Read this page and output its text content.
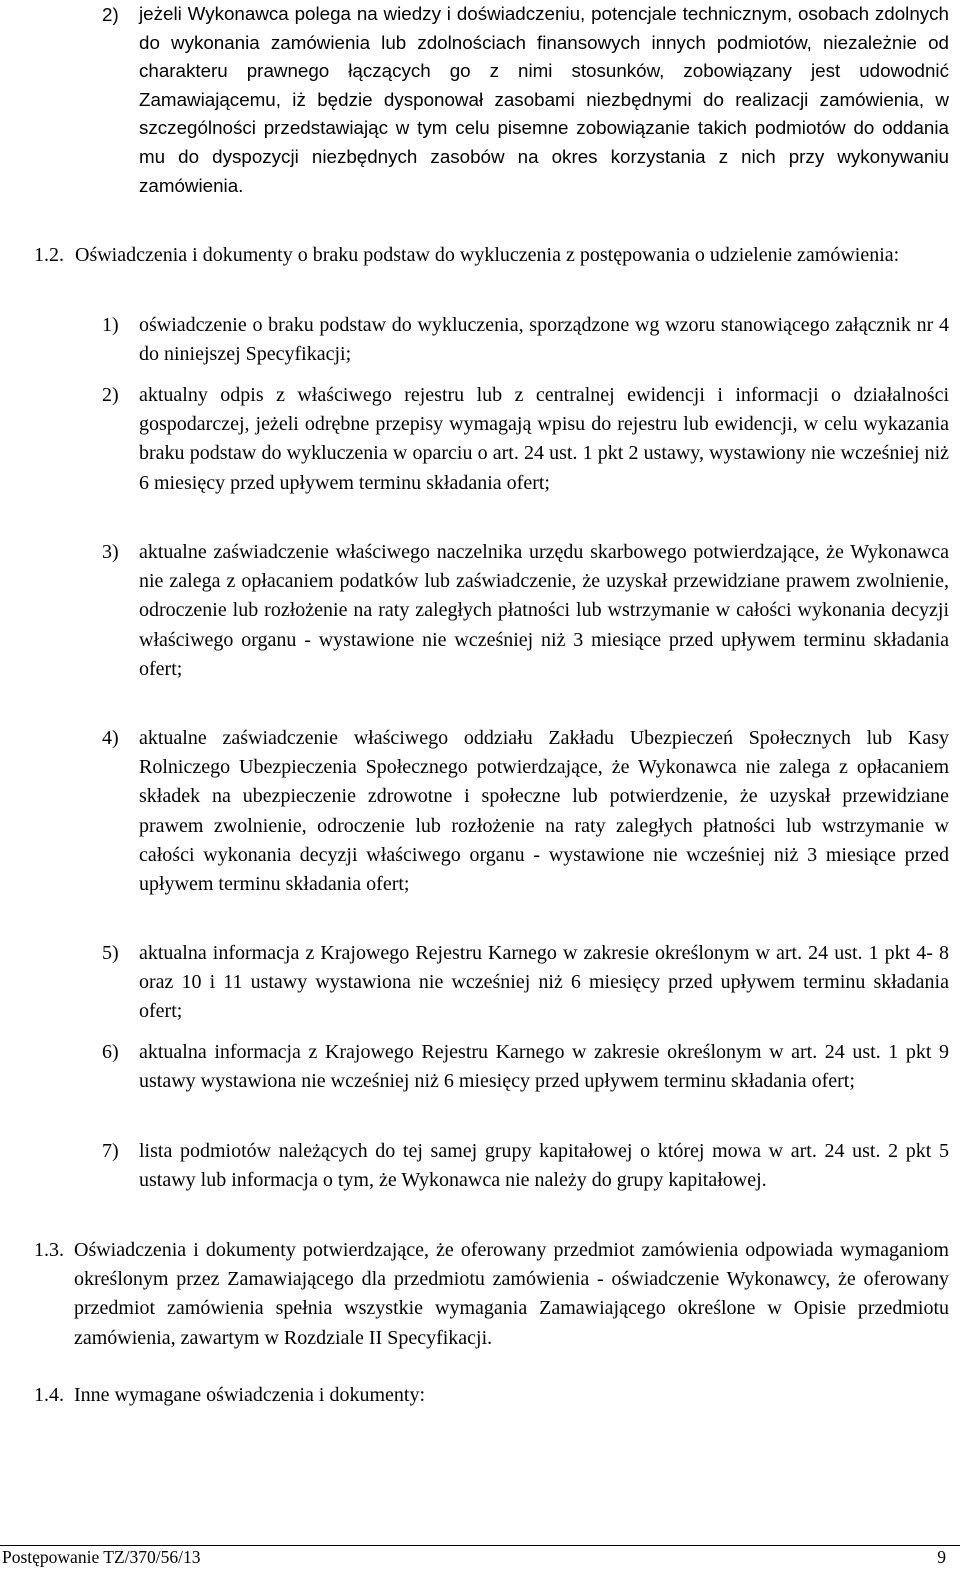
2) jeżeli Wykonawca polega na wiedzy i doświadczeniu, potencjale technicznym, osobach zdolnych do wykonania zamówienia lub zdolnościach finansowych innych podmiotów, niezależnie od charakteru prawnego łączących go z nimi stosunków, zobowiązany jest udowodnić Zamawiającemu, iż będzie dysponował zasobami niezbędnymi do realizacji zamówienia, w szczególności przedstawiając w tym celu pisemne zobowiązanie takich podmiotów do oddania mu do dyspozycji niezbędnych zasobów na okres korzystania z nich przy wykonywaniu zamówienia.
1.2. Oświadczenia i dokumenty o braku podstaw do wykluczenia z postępowania o udzielenie zamówienia:
1) oświadczenie o braku podstaw do wykluczenia, sporządzone wg wzoru stanowiącego załącznik nr 4 do niniejszej Specyfikacji;
2) aktualny odpis z właściwego rejestru lub z centralnej ewidencji i informacji o działalności gospodarczej, jeżeli odrębne przepisy wymagają wpisu do rejestru lub ewidencji, w celu wykazania braku podstaw do wykluczenia w oparciu o art. 24 ust. 1 pkt 2 ustawy, wystawiony nie wcześniej niż 6 miesięcy przed upływem terminu składania ofert;
3) aktualne zaświadczenie właściwego naczelnika urzędu skarbowego potwierdzające, że Wykonawca nie zalega z opłacaniem podatków lub zaświadczenie, że uzyskał przewidziane prawem zwolnienie, odroczenie lub rozłożenie na raty zaległych płatności lub wstrzymanie w całości wykonania decyzji właściwego organu - wystawione nie wcześniej niż 3 miesiące przed upływem terminu składania ofert;
4) aktualne zaświadczenie właściwego oddziału Zakładu Ubezpieczeń Społecznych lub Kasy Rolniczego Ubezpieczenia Społecznego potwierdzające, że Wykonawca nie zalega z opłacaniem składek na ubezpieczenie zdrowotne i społeczne lub potwierdzenie, że uzyskał przewidziane prawem zwolnienie, odroczenie lub rozłożenie na raty zaległych płatności lub wstrzymanie w całości wykonania decyzji właściwego organu - wystawione nie wcześniej niż 3 miesiące przed upływem terminu składania ofert;
5) aktualna informacja z Krajowego Rejestru Karnego w zakresie określonym w art. 24 ust. 1 pkt 4- 8 oraz 10 i 11 ustawy wystawiona nie wcześniej niż 6 miesięcy przed upływem terminu składania ofert;
6) aktualna informacja z Krajowego Rejestru Karnego w zakresie określonym w art. 24 ust. 1 pkt 9 ustawy wystawiona nie wcześniej niż 6 miesięcy przed upływem terminu składania ofert;
7) lista podmiotów należących do tej samej grupy kapitałowej o której mowa w art. 24 ust. 2 pkt 5 ustawy lub informacja o tym, że Wykonawca nie należy do grupy kapitałowej.
1.3. Oświadczenia i dokumenty potwierdzające, że oferowany przedmiot zamówienia odpowiada wymaganiom określonym przez Zamawiającego dla przedmiotu zamówienia - oświadczenie Wykonawcy, że oferowany przedmiot zamówienia spełnia wszystkie wymagania Zamawiającego określone w Opisie przedmiotu zamówienia, zawartym w Rozdziale II Specyfikacji.
1.4. Inne wymagane oświadczenia i dokumenty:
Postępowanie TZ/370/56/13	9
